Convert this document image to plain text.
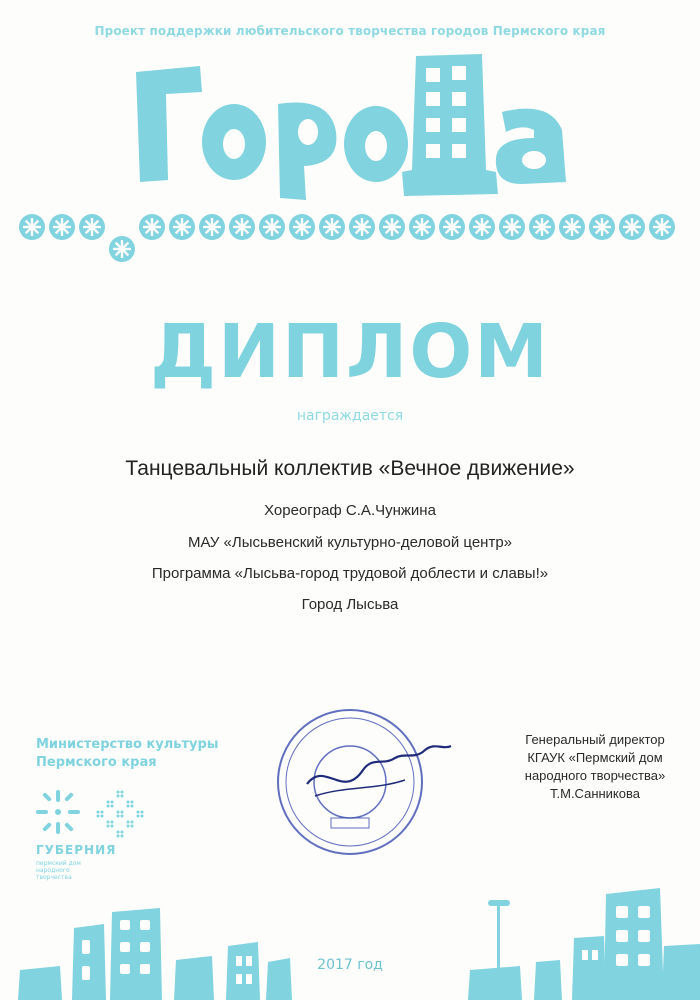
Проект поддержки любительского творчества городов Пермского края
ДИПЛОМ
награждается
Танцевальный коллектив «Вечное движение»
Хореограф С.А.Чунжина
МАУ «Лысьвенский культурно-деловой центр»
Программа «Лысьва-город трудовой доблести и славы!»
Город Лысьва
Министерство культуры
Пермского края
ГУБЕРНИЯ
пермский дом народного творчества
Генеральный директор
КГАУК «Пермский дом
народного творчества»
Т.М.Санникова
2017 год
